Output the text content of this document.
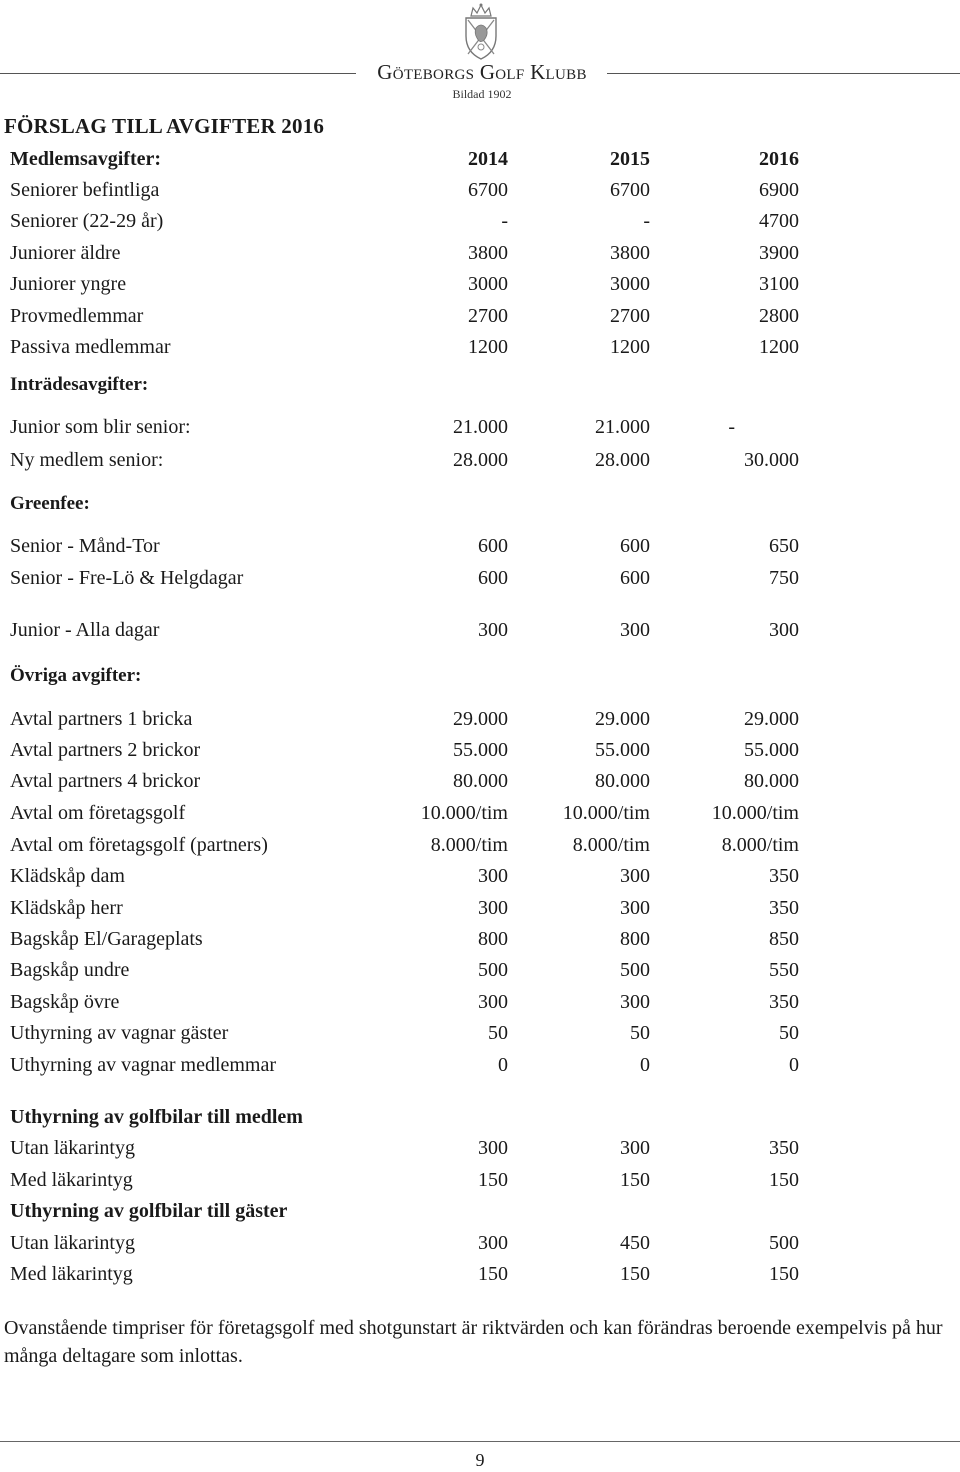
Göteborgs Golf Klubb
Bildad 1902
FÖRSLAG TILL AVGIFTER 2016
Medlemsavgifter:	2014	2015	2016
Seniorer befintliga	6700	6700	6900
Seniorer (22-29 år)	-	-	4700
Juniorer äldre	3800	3800	3900
Juniorer yngre	3000	3000	3100
Provmedlemmar	2700	2700	2800
Passiva medlemmar	1200	1200	1200
Inträdesavgifter:
Junior som blir senior:	21.000	21.000	-
Ny medlem senior:	28.000	28.000	30.000
Greenfee:
Senior - Månd-Tor	600	600	650
Senior - Fre-Lö & Helgdagar	600	600	750
Junior - Alla dagar	300	300	300
Övriga avgifter:
Avtal partners 1 bricka	29.000	29.000	29.000
Avtal partners 2 brickor	55.000	55.000	55.000
Avtal partners 4 brickor	80.000	80.000	80.000
Avtal om företagsgolf	10.000/tim	10.000/tim	10.000/tim
Avtal om företagsgolf (partners)	8.000/tim	8.000/tim	8.000/tim
Klädskåp dam	300	300	350
Klädskåp herr	300	300	350
Bagskåp El/Garageplats	800	800	850
Bagskåp undre	500	500	550
Bagskåp övre	300	300	350
Uthyrning av vagnar gäster	50	50	50
Uthyrning av vagnar medlemmar	0	0	0
Uthyrning av golfbilar till medlem
Utan läkarintyg	300	300	350
Med läkarintyg	150	150	150
Uthyrning av golfbilar till gäster
Utan läkarintyg	300	450	500
Med läkarintyg	150	150	150
Ovanstående timpriser för företagsgolf med shotgunstart är riktvärden och kan förändras beroende exempelvis på hur många deltagare som inlottas.
9
